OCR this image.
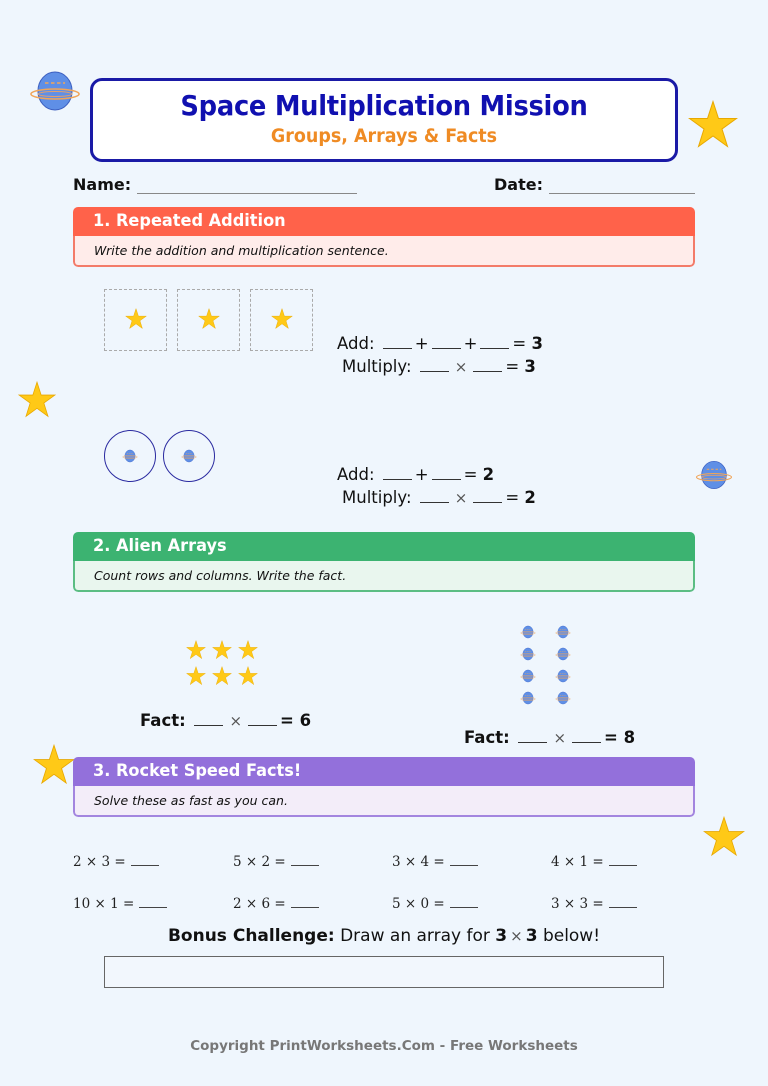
Space Multiplication Mission
Groups, Arrays & Facts
Name:	Date:
1. Repeated Addition
Write the addition and multiplication sentence.
Add: + + = 3
Multiply:	× = 3
Add: + = 2
Multiply:	× = 2
2. Alien Arrays
Count rows and columns. Write the fact.
Fact:	× = 6
Fact:	× = 8
3. Rocket Speed Facts!
Solve these as fast as you can.
2 × 3 =	5 × 2 =	3 × 4 =	4 × 1 =
10 × 1 =	2 × 6 =	5 × 0 =	3 × 3 =
Bonus Challenge: Draw an array for 3 × 3 below!
Copyright PrintWorksheets.Com - Free Worksheets
